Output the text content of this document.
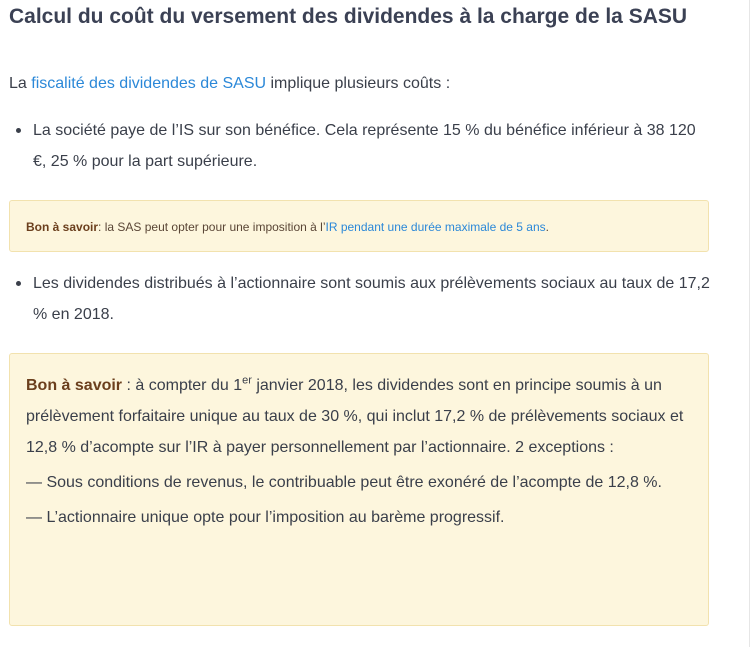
Calcul du coût du versement des dividendes à la charge de la SASU
La fiscalité des dividendes de SASU implique plusieurs coûts :
La société paye de l’IS sur son bénéfice. Cela représente 15 % du bénéfice inférieur à 38 120 €, 25 % pour la part supérieure.
Bon à savoir: la SAS peut opter pour une imposition à l’IR pendant une durée maximale de 5 ans.
Les dividendes distribués à l’actionnaire sont soumis aux prélèvements sociaux au taux de 17,2 % en 2018.

Bon à savoir : à compter du 1er janvier 2018, les dividendes sont en principe soumis à un prélèvement forfaitaire unique au taux de 30 %, qui inclut 17,2 % de prélèvements sociaux et 12,8 % d’acompte sur l’IR à payer personnellement par l’actionnaire. 2 exceptions :

— Sous conditions de revenus, le contribuable peut être exonéré de l’acompte de 12,8 %.

— L’actionnaire unique opte pour l’imposition au barème progressif.
